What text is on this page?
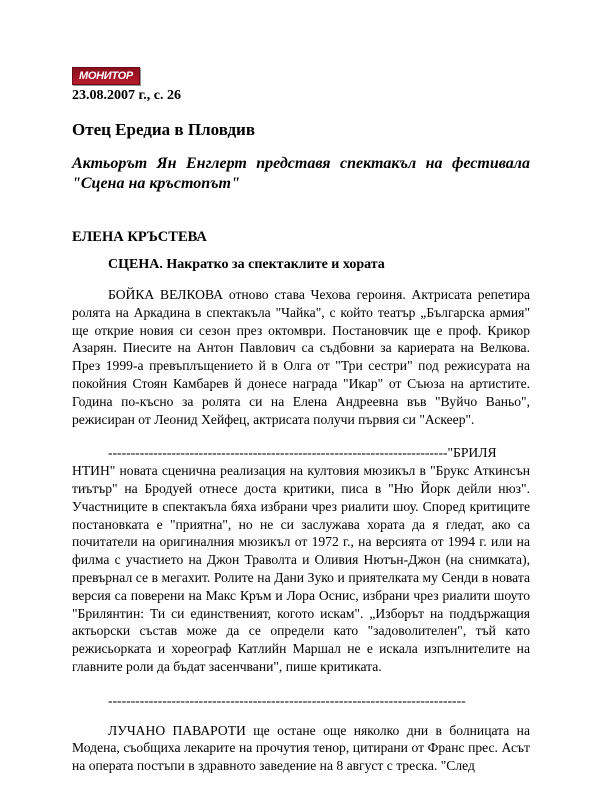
МОНИТОР
23.08.2007 г., с. 26
Отец Ередиа в Пловдив
Актьорът Ян Енглерт представя спектакъл на фестивала "Сцена на кръстопът"
ЕЛЕНА КРЪСТЕВА
СЦЕНА. Накратко за спектаклите и хората

БОЙКА ВЕЛКОВА отново става Чехова героиня. Актрисата репетира ролята на Аркадина в спектакъла "Чайка", с който театър „Българска армия" ще открие новия си сезон през октомври. Постановчик ще е проф. Крикор Азарян. Пиесите на Антон Павлович са съдбовни за кариерата на Велкова. През 1999-а превъплъщението й в Олга от "Три сестри" под режисурата на покойния Стоян Камбарев й донесе награда "Икар" от Съюза на артистите. Година по-късно за ролята си на Елена Андреевна във "Вуйчо Ваньо", режисиран от Леонид Хейфец, актрисата получи първия си "Аскеер".

---------------------------------------------------------------------------"БРИЛЯ

НТИН" новата сценична реализация на култовия мюзикъл в "Брукс Аткинсън тиътър" на Бродуей отнесе доста критики, писа в "Ню Йорк дейли нюз". Участниците в спектакъла бяха избрани чрез риалити шоу. Според критиците постановката е "приятна", но не си заслужава хората да я гледат, ако са почитатели на оригиналния мюзикъл от 1972 г., на версията от 1994 г. или на филма с участието на Джон Траволта и Оливия Нютън-Джон (на снимката), превърнал се в мегахит. Ролите на Дани Зуко и приятелката му Сенди в новата версия са поверени на Макс Кръм и Лора Оснис, избрани чрез риалити шоуто "Брилянтин: Ти си единственият, когото искам". „Изборът на поддържащия актьорски състав може да се определи като "задоволителен", тъй като режисьорката и хореограф Катлийн Маршал не е искала изпълнителите на главните роли да бъдат засенчвани", пише критиката.

-------------------------------------------------------------------------------

ЛУЧАНО ПАВАРОТИ ще остане още няколко дни в болницата на Модена, съобщиха лекарите на прочутия тенор, цитирани от Франс прес. Асът на операта постъпи в здравното заведение на 8 август с треска. "След
